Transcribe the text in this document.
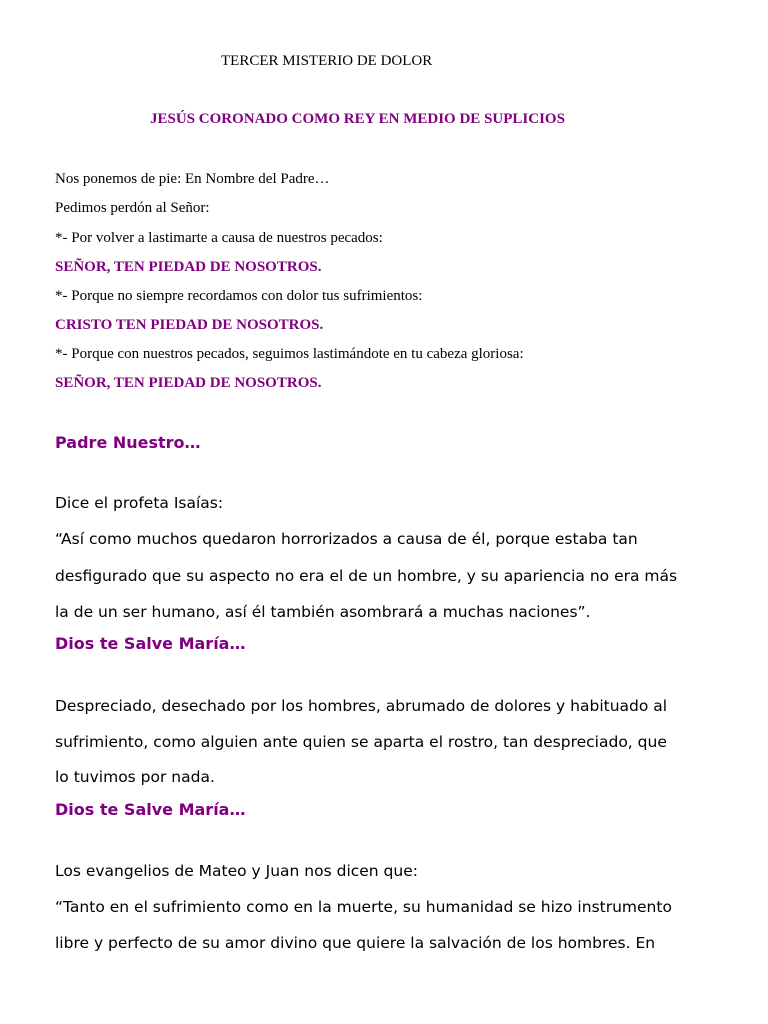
TERCER MISTERIO DE DOLOR
JESÚS CORONADO COMO REY EN MEDIO DE SUPLICIOS
Nos ponemos de pie: En Nombre del Padre…
Pedimos perdón al Señor:
*- Por volver a lastimarte a causa de nuestros pecados:
SEÑOR, TEN PIEDAD DE NOSOTROS.
*- Porque no siempre recordamos con dolor tus sufrimientos:
CRISTO TEN PIEDAD DE NOSOTROS.
*- Porque con nuestros pecados, seguimos lastimándote en tu cabeza gloriosa:
SEÑOR, TEN PIEDAD DE NOSOTROS.
Padre Nuestro…
Dice el profeta Isaías:
“Así como muchos quedaron horrorizados a causa de él, porque estaba tan
desfigurado que su aspecto no era el de un hombre, y su apariencia no era más
la de un ser humano, así él también asombrará a muchas naciones”.
Dios te Salve María…
Despreciado, desechado por los hombres, abrumado de dolores y habituado al
sufrimiento, como alguien ante quien se aparta el rostro, tan despreciado, que
lo tuvimos por nada.
Dios te Salve María…
Los evangelios de Mateo y Juan nos dicen que:
“Tanto en el sufrimiento como en la muerte, su humanidad se hizo instrumento
libre y perfecto de su amor divino que quiere la salvación de los hombres. En
